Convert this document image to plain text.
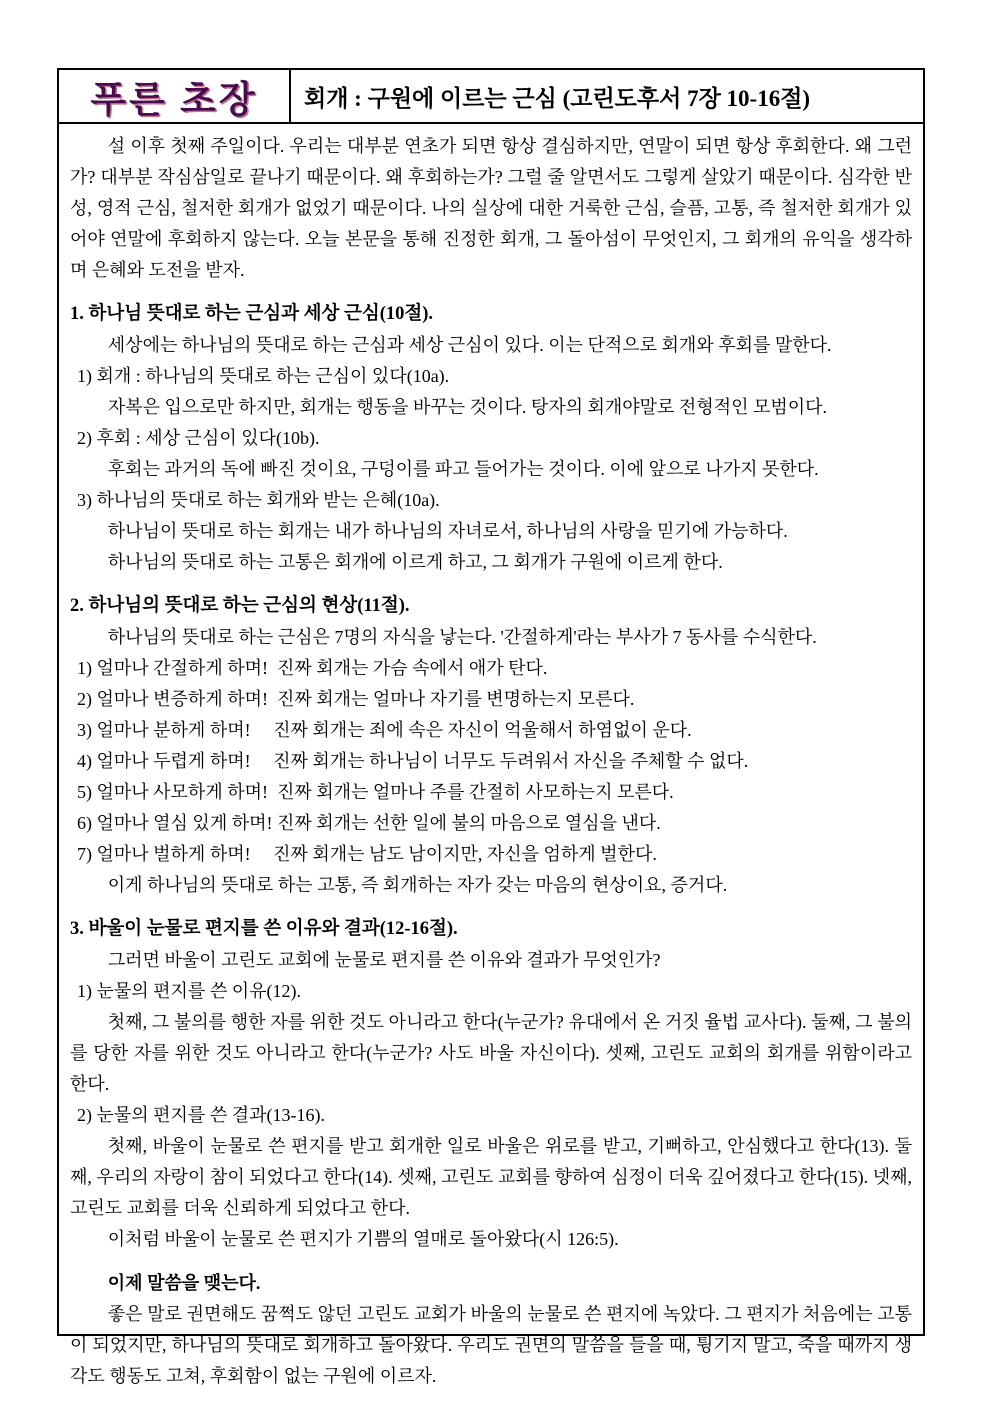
푸른 초장	회개 : 구원에 이르는 근심 (고린도후서 7장 10-16절)

설 이후 첫째 주일이다. 우리는 대부분 연초가 되면 항상 결심하지만, 연말이 되면 항상 후회한다. 왜 그런가? 대부분 작심삼일로 끝나기 때문이다. 왜 후회하는가? 그럴 줄 알면서도 그렇게 살았기 때문이다. 심각한 반성, 영적 근심, 철저한 회개가 없었기 때문이다. 나의 실상에 대한 거룩한 근심, 슬픔, 고통, 즉 철저한 회개가 있어야 연말에 후회하지 않는다. 오늘 본문을 통해 진정한 회개, 그 돌아섬이 무엇인지, 그 회개의 유익을 생각하며 은혜와 도전을 받자.

1. 하나님 뜻대로 하는 근심과 세상 근심(10절).

세상에는 하나님의 뜻대로 하는 근심과 세상 근심이 있다. 이는 단적으로 회개와 후회를 말한다.

1) 회개 : 하나님의 뜻대로 하는 근심이 있다(10a).

자복은 입으로만 하지만, 회개는 행동을 바꾸는 것이다. 탕자의 회개야말로 전형적인 모범이다.

2) 후회 : 세상 근심이 있다(10b).

후회는 과거의 독에 빠진 것이요, 구덩이를 파고 들어가는 것이다. 이에 앞으로 나가지 못한다.

3) 하나님의 뜻대로 하는 회개와 받는 은혜(10a).

하나님이 뜻대로 하는 회개는 내가 하나님의 자녀로서, 하나님의 사랑을 믿기에 가능하다.

하나님의 뜻대로 하는 고통은 회개에 이르게 하고, 그 회개가 구원에 이르게 한다.

2. 하나님의 뜻대로 하는 근심의 현상(11절).

하나님의 뜻대로 하는 근심은 7명의 자식을 낳는다. '간절하게'라는 부사가 7 동사를 수식한다.

1) 얼마나 간절하게 하며!  진짜 회개는 가슴 속에서 애가 탄다.

2) 얼마나 변증하게 하며!  진짜 회개는 얼마나 자기를 변명하는지 모른다.

3) 얼마나 분하게 하며!     진짜 회개는 죄에 속은 자신이 억울해서 하염없이 운다.

4) 얼마나 두렵게 하며!     진짜 회개는 하나님이 너무도 두려워서 자신을 주체할 수 없다.

5) 얼마나 사모하게 하며!  진짜 회개는 얼마나 주를 간절히 사모하는지 모른다.

6) 얼마나 열심 있게 하며! 진짜 회개는 선한 일에 불의 마음으로 열심을 낸다.

7) 얼마나 벌하게 하며!     진짜 회개는 남도 남이지만, 자신을 엄하게 벌한다.

이게 하나님의 뜻대로 하는 고통, 즉 회개하는 자가 갖는 마음의 현상이요, 증거다.

3. 바울이 눈물로 편지를 쓴 이유와 결과(12-16절).

그러면 바울이 고린도 교회에 눈물로 편지를 쓴 이유와 결과가 무엇인가?

1) 눈물의 편지를 쓴 이유(12).

첫째, 그 불의를 행한 자를 위한 것도 아니라고 한다(누군가? 유대에서 온 거짓 율법 교사다). 둘째, 그 불의를 당한 자를 위한 것도 아니라고 한다(누군가? 사도 바울 자신이다). 셋째, 고린도 교회의 회개를 위함이라고 한다.

2) 눈물의 편지를 쓴 결과(13-16).

첫째, 바울이 눈물로 쓴 편지를 받고 회개한 일로 바울은 위로를 받고, 기뻐하고, 안심했다고 한다(13). 둘째, 우리의 자랑이 참이 되었다고 한다(14). 셋째, 고린도 교회를 향하여 심정이 더욱 깊어졌다고 한다(15). 넷째, 고린도 교회를 더욱 신뢰하게 되었다고 한다.

이처럼 바울이 눈물로 쓴 편지가 기쁨의 열매로 돌아왔다(시 126:5).

이제 말씀을 맺는다.

좋은 말로 권면해도 꿈쩍도 않던 고린도 교회가 바울의 눈물로 쓴 편지에 녹았다. 그 편지가 처음에는 고통이 되었지만, 하나님의 뜻대로 회개하고 돌아왔다. 우리도 권면의 말씀을 들을 때, 튕기지 말고, 죽을 때까지 생각도 행동도 고쳐, 후회함이 없는 구원에 이르자.
